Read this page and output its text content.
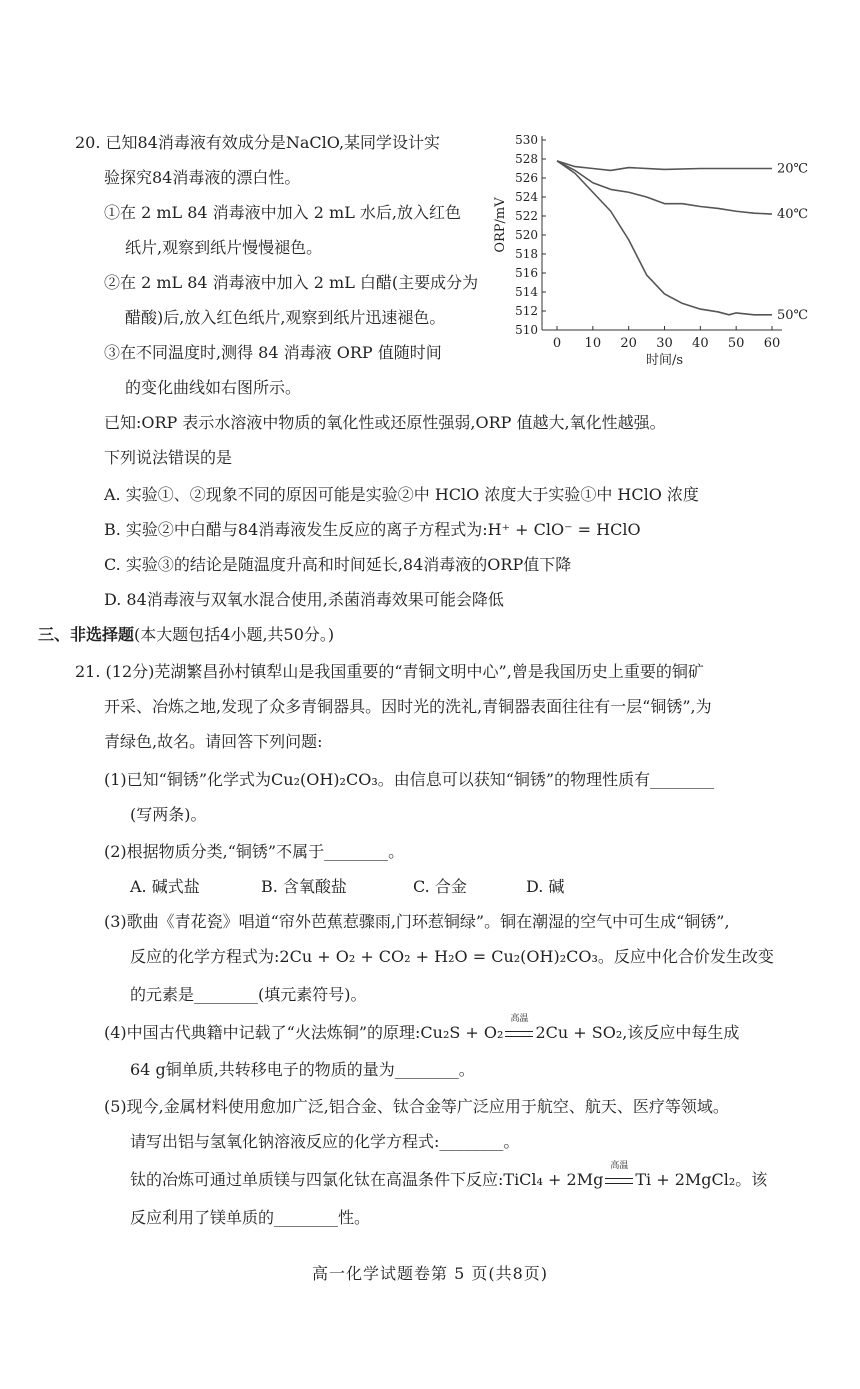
20. 已知84消毒液有效成分是NaClO,某同学设计实
验探究84消毒液的漂白性。
①在 2 mL 84 消毒液中加入 2 mL 水后,放入红色
纸片,观察到纸片慢慢褪色。
②在 2 mL 84 消毒液中加入 2 mL 白醋(主要成分为
醋酸)后,放入红色纸片,观察到纸片迅速褪色。
③在不同温度时,测得 84 消毒液 ORP 值随时间
的变化曲线如右图所示。
510
512
514
516
518
520
522
524
526
528
530
0 10 20 30 40 50 60
时间/s
ORP/mV
20℃
40℃
50℃
已知:ORP 表示水溶液中物质的氧化性或还原性强弱,ORP 值越大,氧化性越强。
下列说法错误的是
A. 实验①、②现象不同的原因可能是实验②中 HClO 浓度大于实验①中 HClO 浓度
B. 实验②中白醋与84消毒液发生反应的离子方程式为:H⁺ + ClO⁻ = HClO
C. 实验③的结论是随温度升高和时间延长,84消毒液的ORP值下降
D. 84消毒液与双氧水混合使用,杀菌消毒效果可能会降低
三、非选择题(本大题包括4小题,共50分。)
21. (12分)芜湖繁昌孙村镇犁山是我国重要的“青铜文明中心”,曾是我国历史上重要的铜矿
开采、冶炼之地,发现了众多青铜器具。因时光的洗礼,青铜器表面往往有一层“铜锈”,为
青绿色,故名。请回答下列问题:
(1)已知“铜锈”化学式为Cu₂(OH)₂CO₃。由信息可以获知“铜锈”的物理性质有________
(写两条)。
(2)根据物质分类,“铜锈”不属于________。
A. 碱式盐	B. 含氧酸盐	C. 合金	D. 碱
(3)歌曲《青花瓷》唱道“帘外芭蕉惹骤雨,门环惹铜绿”。铜在潮湿的空气中可生成“铜锈”,
反应的化学方程式为:2Cu + O₂ + CO₂ + H₂O = Cu₂(OH)₂CO₃。反应中化合价发生改变
的元素是________(填元素符号)。
(4)中国古代典籍中记载了“火法炼铜”的原理:Cu₂S + O₂
高温
2Cu + SO₂,该反应中每生成
64 g铜单质,共转移电子的物质的量为________。
(5)现今,金属材料使用愈加广泛,铝合金、钛合金等广泛应用于航空、航天、医疗等领域。
请写出铝与氢氧化钠溶液反应的化学方程式:________。
钛的冶炼可通过单质镁与四氯化钛在高温条件下反应:TiCl₄ + 2Mg
高温
Ti + 2MgCl₂。该
反应利用了镁单质的________性。
高一化学试题卷第 5 页(共8页)
